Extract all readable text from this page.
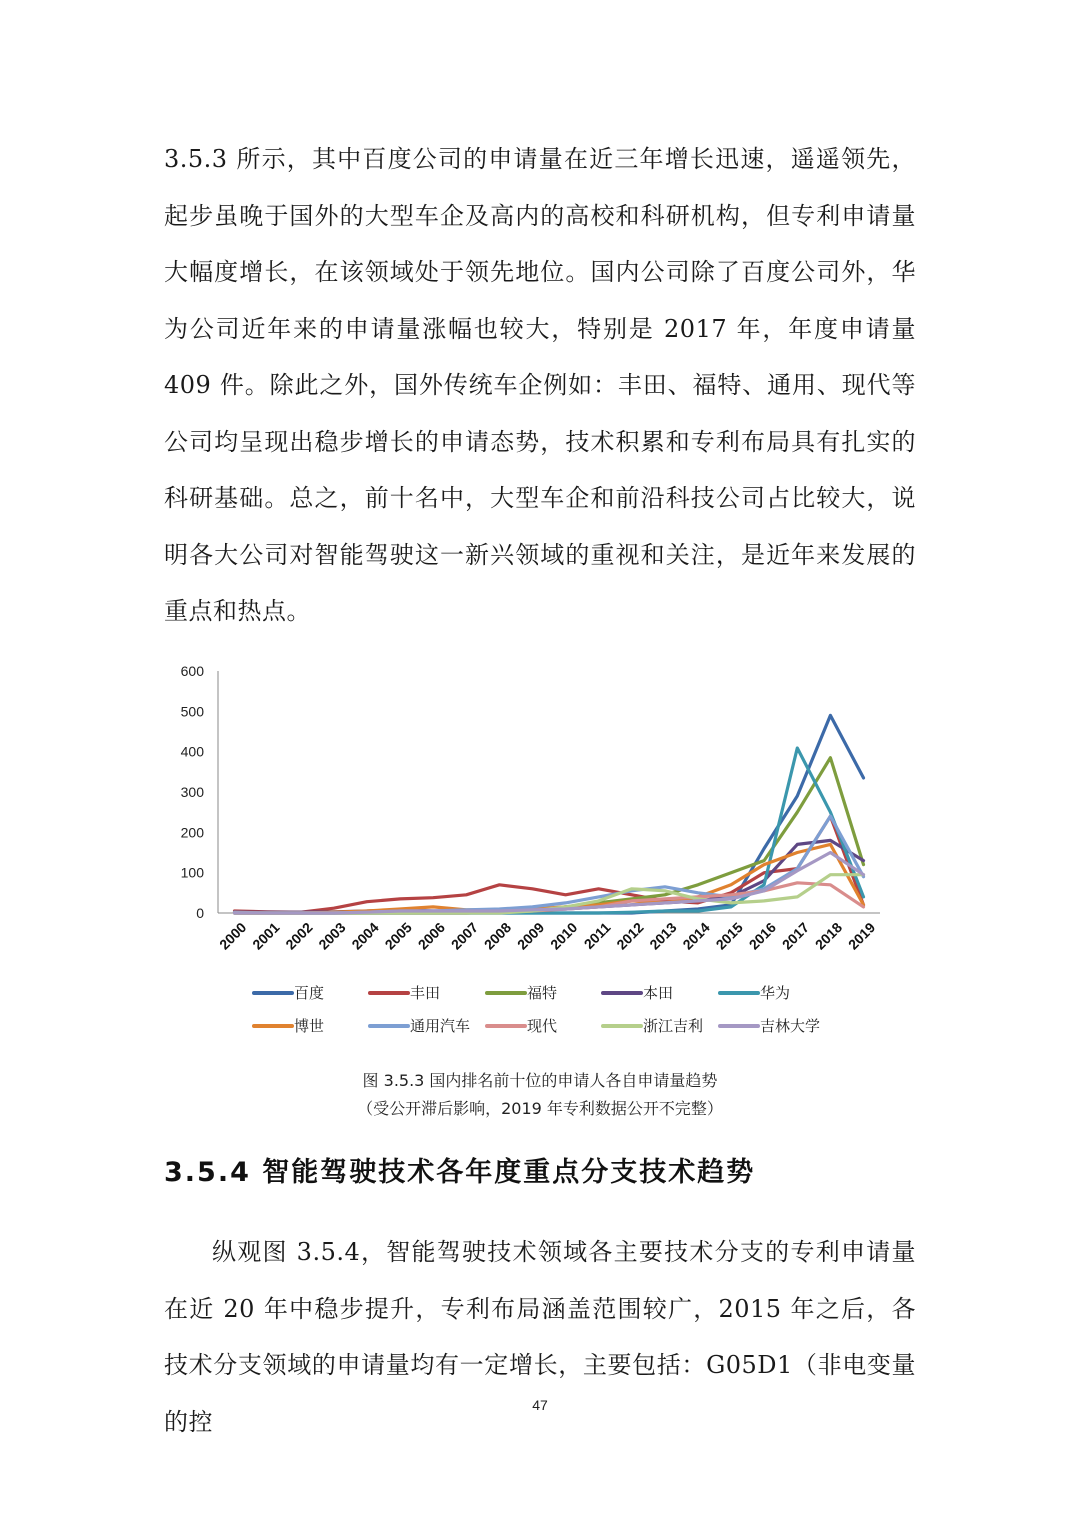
3.5.3 所示，其中百度公司的申请量在近三年增长迅速，遥遥领先，起步虽晚于国外的大型车企及高内的高校和科研机构，但专利申请量大幅度增长，在该领域处于领先地位。国内公司除了百度公司外，华为公司近年来的申请量涨幅也较大，特别是 2017 年，年度申请量 409 件。除此之外，国外传统车企例如：丰田、福特、通用、现代等公司均呈现出稳步增长的申请态势，技术积累和专利布局具有扎实的科研基础。总之，前十名中，大型车企和前沿科技公司占比较大，说明各大公司对智能驾驶这一新兴领域的重视和关注，是近年来发展的重点和热点。

0
100
200
300
400
500
600
2000 2001 2002 2003 2004 2005 2006 2007 2008 2009 2010 2011 2012 2013 2014 2015 2016 2017 2018 2019
百度	丰田	福特	本田	华为
博世	通用汽车	现代	浙江吉利	吉林大学
图 3.5.3 国内排名前十位的申请人各自申请量趋势
（受公开滞后影响，2019 年专利数据公开不完整）
3.5.4 智能驾驶技术各年度重点分支技术趋势

纵观图 3.5.4，智能驾驶技术领域各主要技术分支的专利申请量在近 20 年中稳步提升，专利布局涵盖范围较广，2015 年之后，各技术分支领域的申请量均有一定增长，主要包括：G05D1（非电变量的控

47
